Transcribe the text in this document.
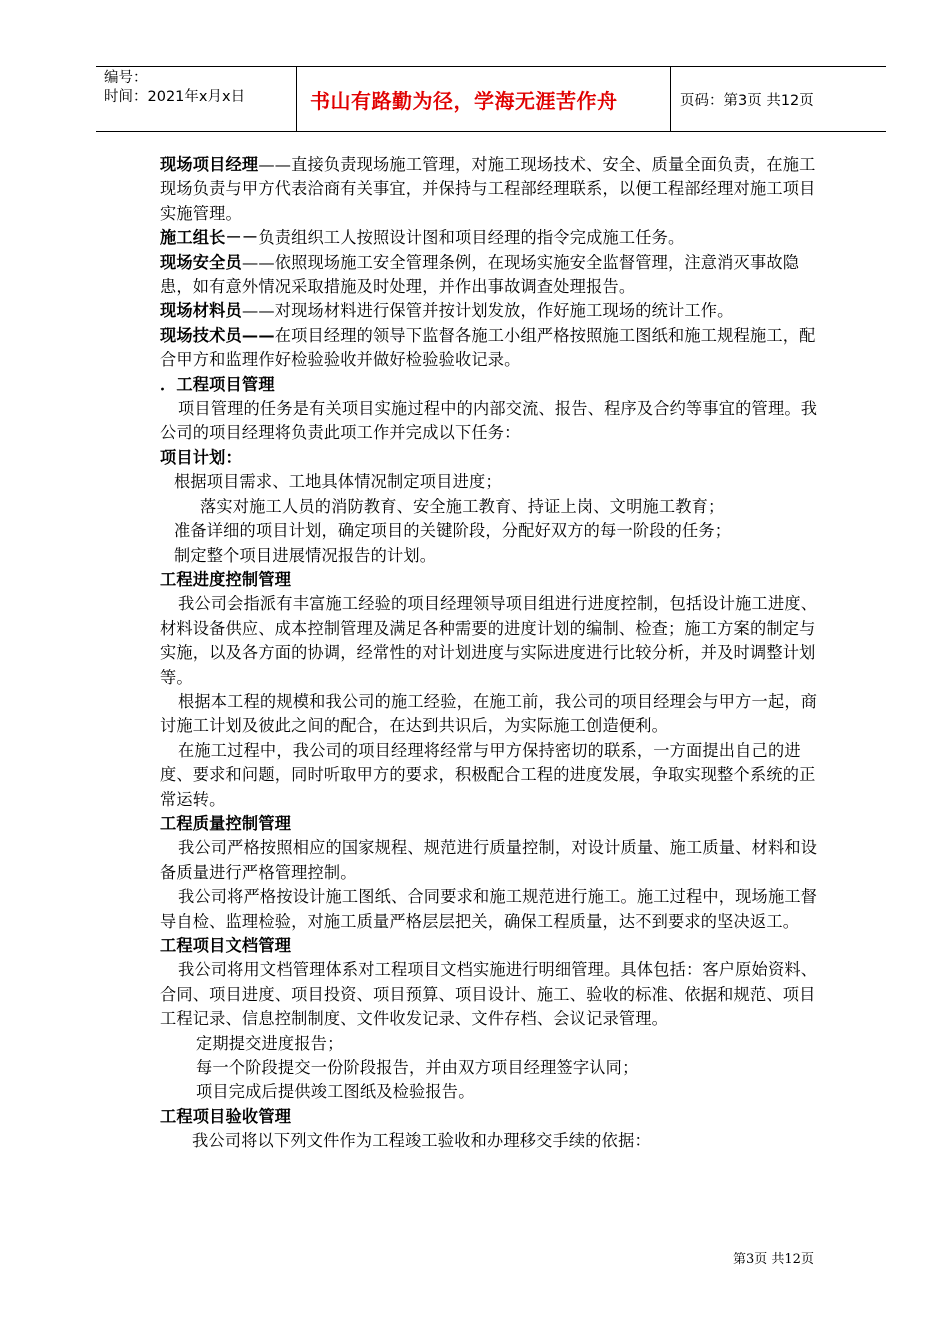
编号：
时间：2021年x月x日	书山有路勤为径，学海无涯苦作舟	页码：第3页 共12页

现场项目经理——直接负责现场施工管理，对施工现场技术、安全、质量全面负责，在施工现场负责与甲方代表洽商有关事宜，并保持与工程部经理联系，以便工程部经理对施工项目实施管理。

施工组长－－负责组织工人按照设计图和项目经理的指令完成施工任务。

现场安全员——依照现场施工安全管理条例，在现场实施安全监督管理，注意消灭事故隐患，如有意外情况采取措施及时处理，并作出事故调查处理报告。

现场材料员——对现场材料进行保管并按计划发放，作好施工现场的统计工作。

现场技术员——在项目经理的领导下监督各施工小组严格按照施工图纸和施工规程施工，配合甲方和监理作好检验验收并做好检验验收记录。

．工程项目管理

项目管理的任务是有关项目实施过程中的内部交流、报告、程序及合约等事宜的管理。我公司的项目经理将负责此项工作并完成以下任务：

项目计划：

根据项目需求、工地具体情况制定项目进度；

落实对施工人员的消防教育、安全施工教育、持证上岗、文明施工教育；

准备详细的项目计划，确定项目的关键阶段，分配好双方的每一阶段的任务；

制定整个项目进展情况报告的计划。

工程进度控制管理

我公司会指派有丰富施工经验的项目经理领导项目组进行进度控制，包括设计施工进度、材料设备供应、成本控制管理及满足各种需要的进度计划的编制、检查；施工方案的制定与实施，以及各方面的协调，经常性的对计划进度与实际进度进行比较分析，并及时调整计划等。

根据本工程的规模和我公司的施工经验，在施工前，我公司的项目经理会与甲方一起，商讨施工计划及彼此之间的配合，在达到共识后，为实际施工创造便利。

在施工过程中，我公司的项目经理将经常与甲方保持密切的联系，一方面提出自己的进度、要求和问题，同时听取甲方的要求，积极配合工程的进度发展，争取实现整个系统的正常运转。

工程质量控制管理

我公司严格按照相应的国家规程、规范进行质量控制，对设计质量、施工质量、材料和设备质量进行严格管理控制。

我公司将严格按设计施工图纸、合同要求和施工规范进行施工。施工过程中，现场施工督导自检、监理检验，对施工质量严格层层把关，确保工程质量，达不到要求的坚决返工。

工程项目文档管理

我公司将用文档管理体系对工程项目文档实施进行明细管理。具体包括：客户原始资料、合同、项目进度、项目投资、项目预算、项目设计、施工、验收的标准、依据和规范、项目工程记录、信息控制制度、文件收发记录、文件存档、会议记录管理。

定期提交进度报告；

每一个阶段提交一份阶段报告，并由双方项目经理签字认同；

项目完成后提供竣工图纸及检验报告。

工程项目验收管理

我公司将以下列文件作为工程竣工验收和办理移交手续的依据：

第3页 共12页
